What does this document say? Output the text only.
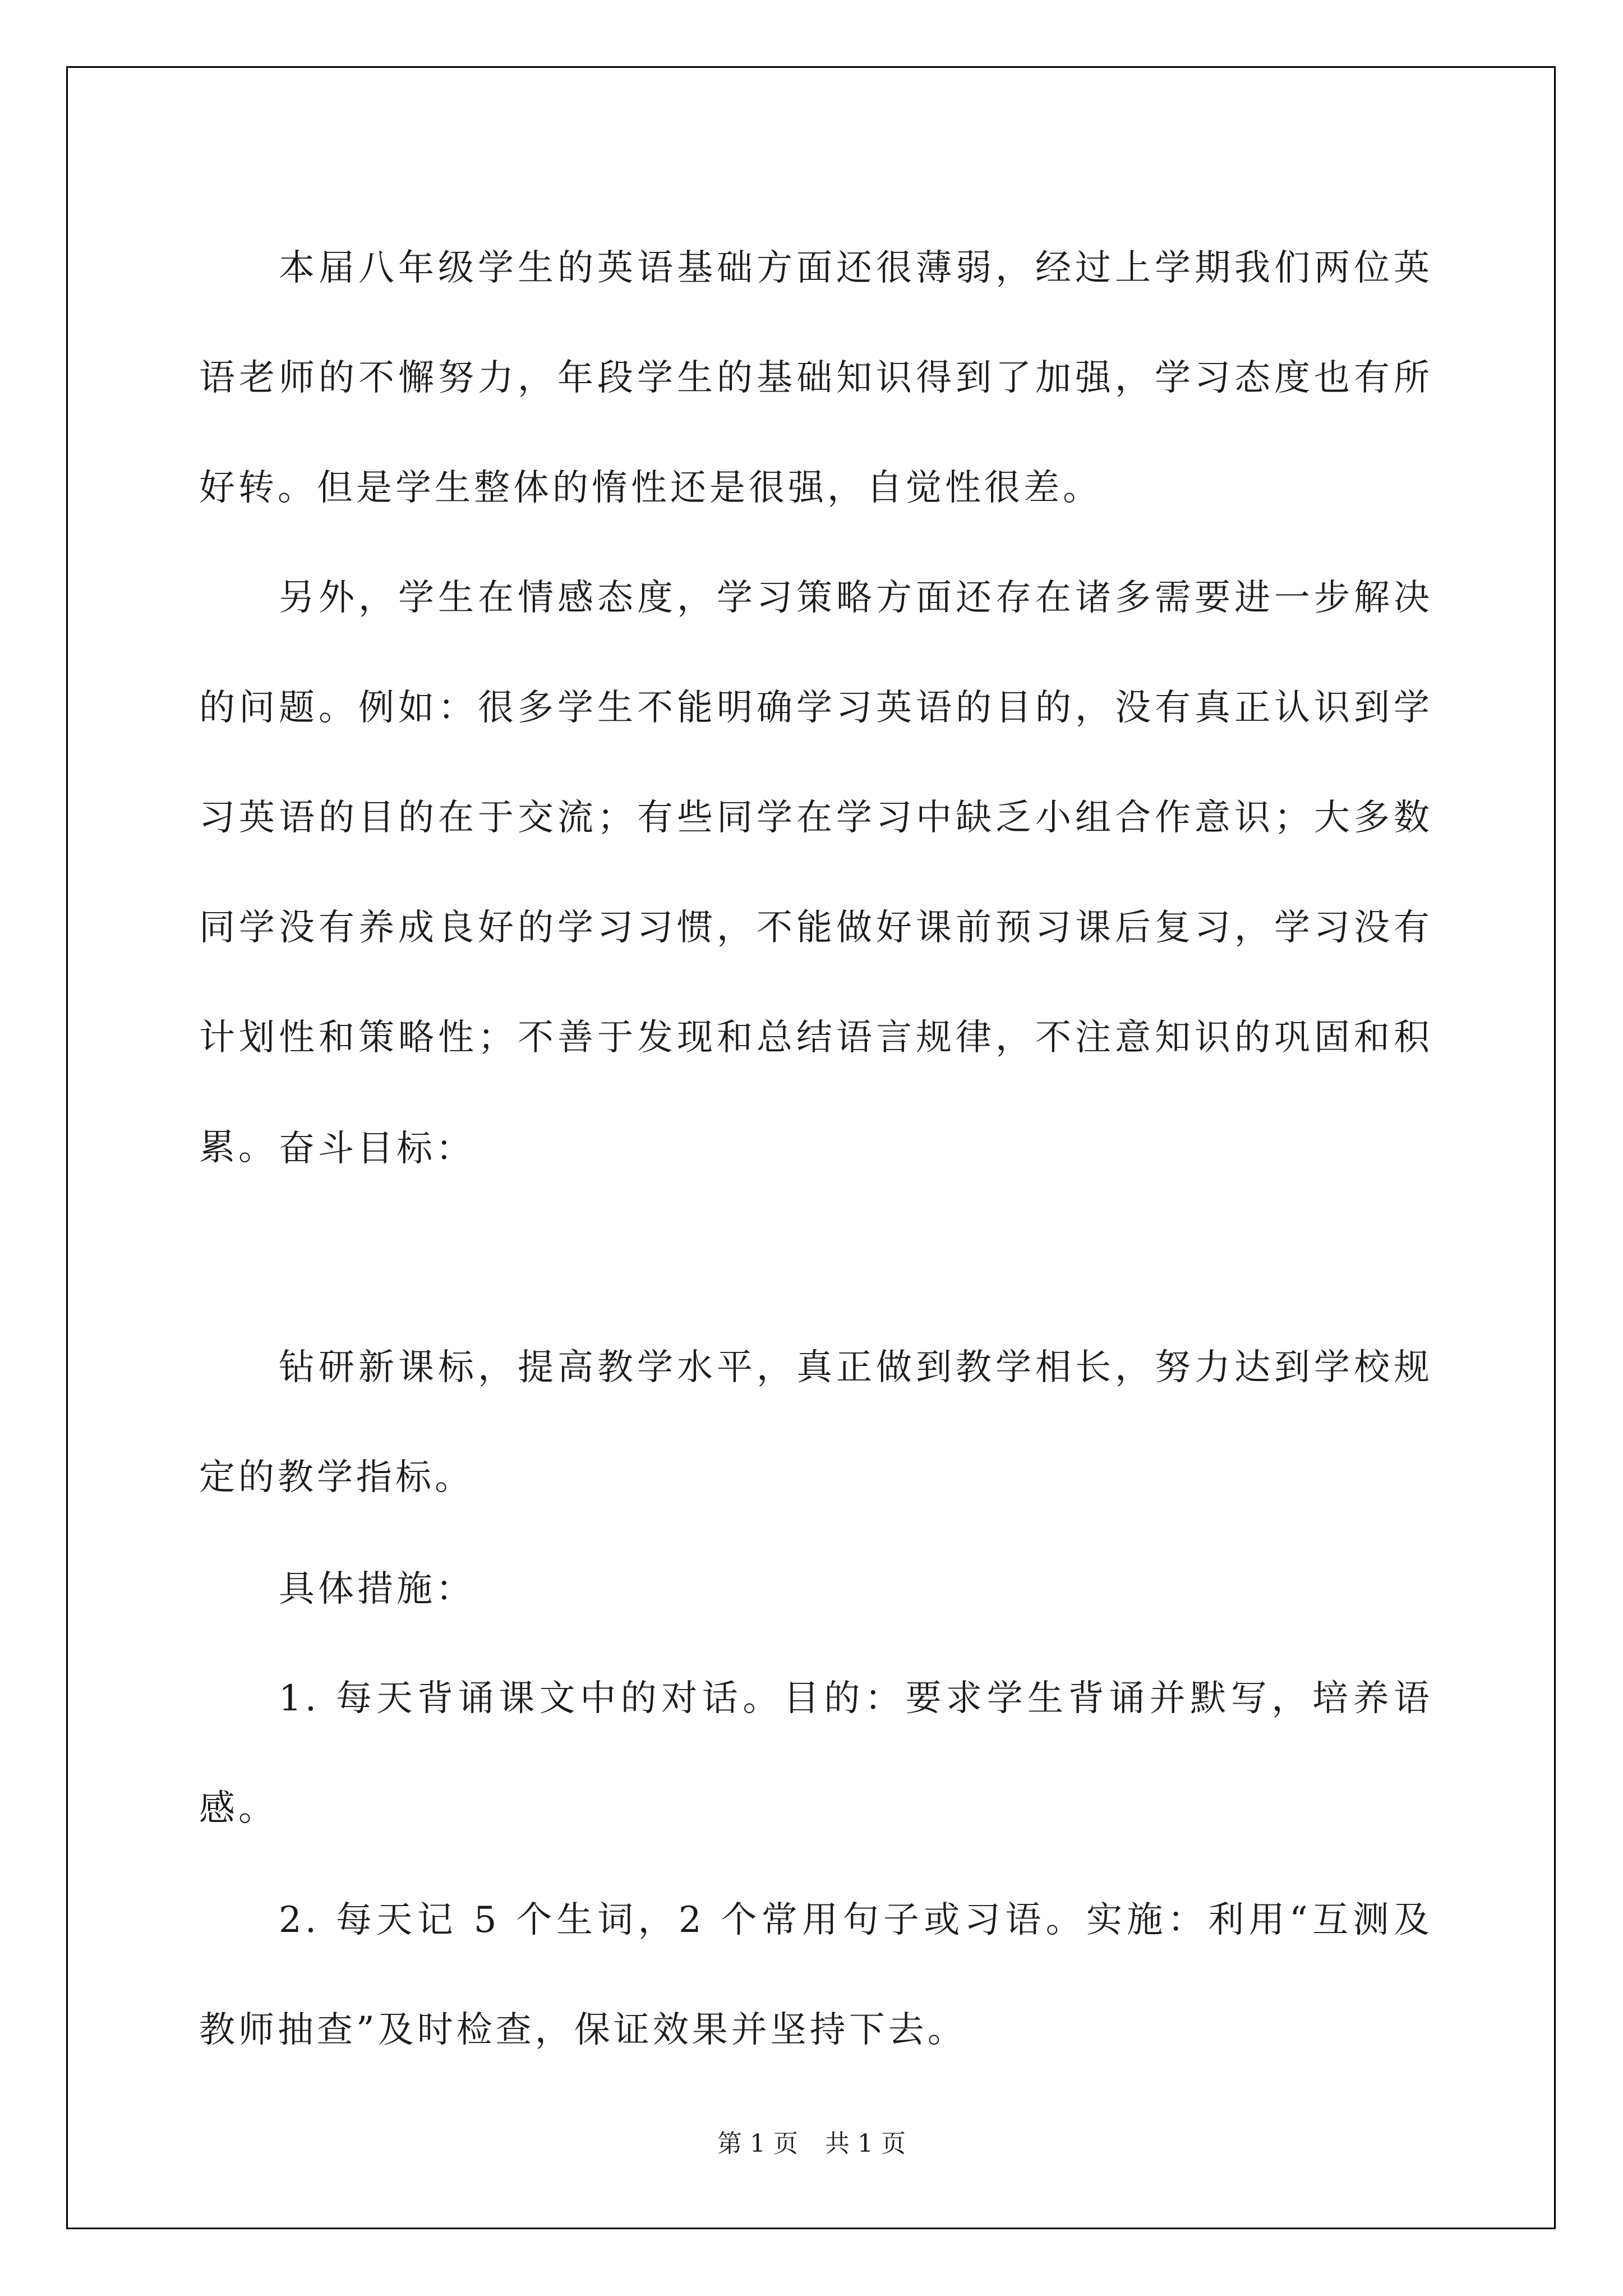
本届八年级学生的英语基础方面还很薄弱，经过上学期我们两位英语老师的不懈努力，年段学生的基础知识得到了加强，学习态度也有所好转。但是学生整体的惰性还是很强，自觉性很差。

另外，学生在情感态度，学习策略方面还存在诸多需要进一步解决的问题。例如：很多学生不能明确学习英语的目的，没有真正认识到学习英语的目的在于交流；有些同学在学习中缺乏小组合作意识；大多数同学没有养成良好的学习习惯，不能做好课前预习课后复习，学习没有计划性和策略性；不善于发现和总结语言规律，不注意知识的巩固和积累。 奋斗目标：

钻研新课标，提高教学水平，真正做到教学相长，努力达到学校规定的教学指标。

具体措施：

1. 每天背诵课文中的对话。目的：要求学生背诵并默写，培养语感。

2. 每天记 5 个生词，2 个常用句子或习语。实施：利用“互测及教师抽查”及时检查，保证效果并坚持下去。

第 1 页 共 1 页
